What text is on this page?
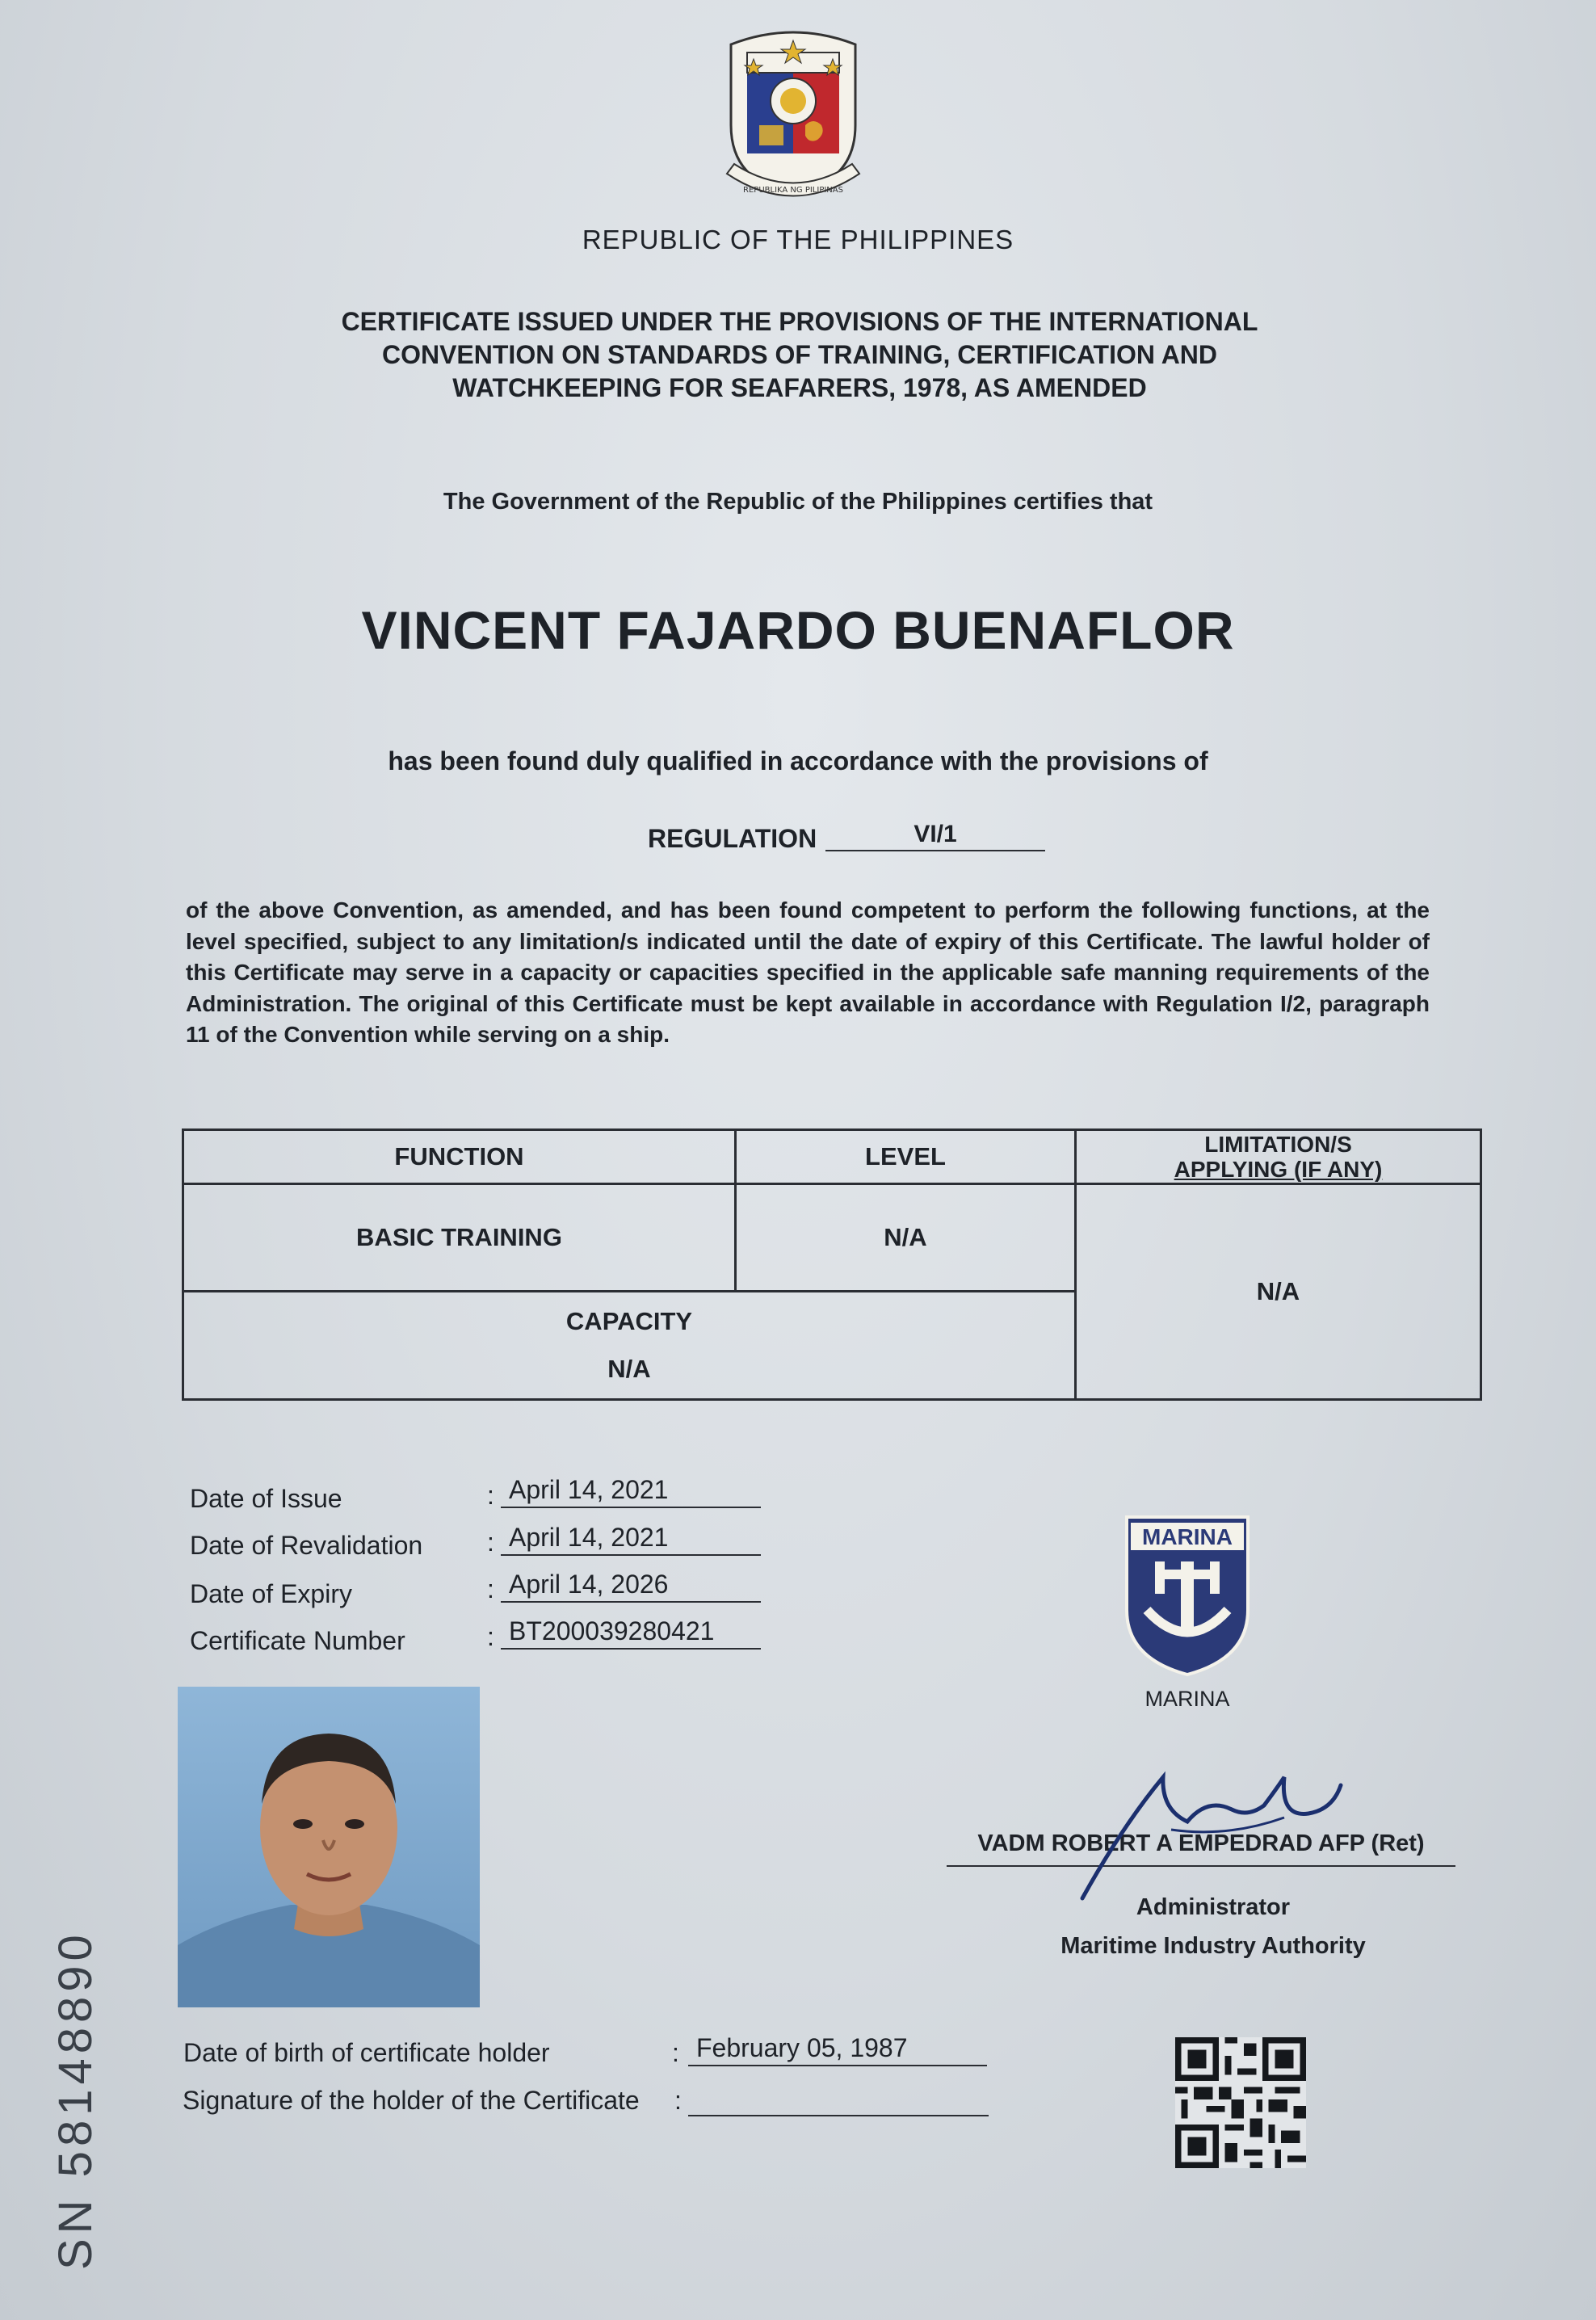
REPUBLIKA NG PILIPINAS
REPUBLIC OF THE PHILIPPINES
CERTIFICATE ISSUED UNDER THE PROVISIONS OF THE INTERNATIONAL CONVENTION ON STANDARDS OF TRAINING, CERTIFICATION AND WATCHKEEPING FOR SEAFARERS, 1978, AS AMENDED
The Government of the Republic of the Philippines certifies that
VINCENT FAJARDO BUENAFLOR
has been found duly qualified in accordance with the provisions of
REGULATION	VI/1
of the above Convention, as amended, and has been found competent to perform the following functions, at the level specified, subject to any limitation/s indicated until the date of expiry of this Certificate. The lawful holder of this Certificate may serve in a capacity or capacities specified in the applicable safe manning requirements of the Administration. The original of this Certificate must be kept available in accordance with Regulation I/2, paragraph 11 of the Convention while serving on a ship.
FUNCTION	LEVEL	LIMITATION/S
APPLYING (IF ANY)
BASIC TRAINING	N/A
N/A
CAPACITY
N/A
Date of Issue	: April 14, 2021
Date of Revalidation : April 14, 2021
Date of Expiry	: April 14, 2026
Certificate Number	: BT200039280421
MARINA
MARINA
VADM ROBERT A EMPEDRAD AFP (Ret)
Administrator
Maritime Industry Authority
Date of birth of certificate holder	: February 05, 1987
Signature of the holder of the Certificate :
SN 58148890
